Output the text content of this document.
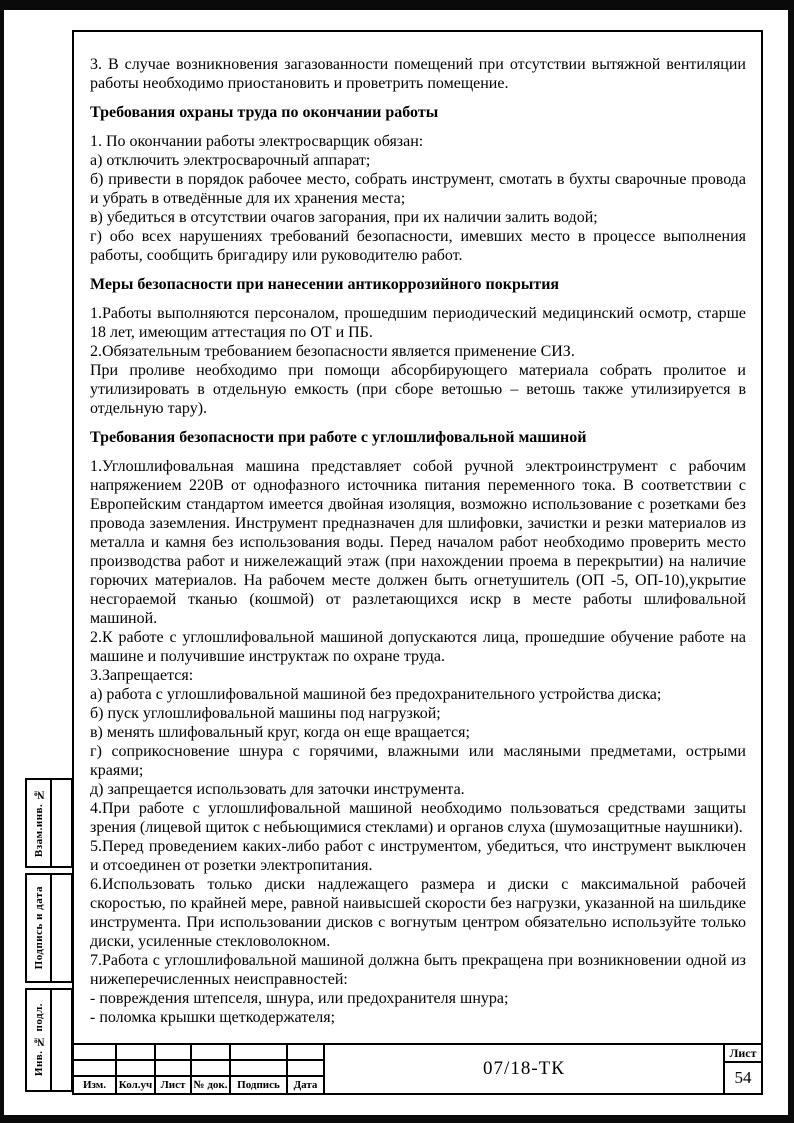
3. В случае возникновения загазованности помещений при отсутствии вытяжной вентиляции работы необходимо приостановить и проветрить помещение.

Требования охраны труда по окончании работы

1. По окончании работы электросварщик обязан:

а) отключить электросварочный аппарат;

б) привести в порядок рабочее место, собрать инструмент, смотать в бухты сварочные провода и убрать в отведённые для их хранения места;

в) убедиться в отсутствии очагов загорания, при их наличии залить водой;

г) обо всех нарушениях требований безопасности, имевших место в процессе выполнения работы, сообщить бригадиру или руководителю работ.

Меры безопасности при нанесении антикоррозийного покрытия

1.Работы выполняются персоналом, прошедшим периодический медицинский осмотр, старше 18 лет, имеющим аттестация по ОТ и ПБ.

2.Обязательным требованием безопасности является применение СИЗ.

При проливе необходимо при помощи абсорбирующего материала собрать пролитое и утилизировать в отдельную емкость (при сборе ветошью – ветошь также утилизируется в отдельную тару).

Требования безопасности при работе с углошлифовальной машиной

1.Углошлифовальная машина представляет собой ручной электроинструмент с рабочим напряжением 220В от однофазного источника питания переменного тока. В соответствии с Европейским стандартом имеется двойная изоляция, возможно использование с розетками без провода заземления. Инструмент предназначен для шлифовки, зачистки и резки материалов из металла и камня без использования воды. Перед началом работ необходимо проверить место производства работ и нижележащий этаж (при нахождении проема в перекрытии) на наличие горючих материалов. На рабочем месте должен быть огнетушитель (ОП -5, ОП-10),укрытие несгораемой тканью (кошмой) от разлетающихся искр в месте работы шлифовальной машиной.

2.К работе с углошлифовальной машиной допускаются лица, прошедшие обучение работе на машине и получившие инструктаж по охране труда.

3.Запрещается:

а) работа с углошлифовальной машиной без предохранительного устройства диска;

б) пуск углошлифовальной машины под нагрузкой;

в) менять шлифовальный круг, когда он еще вращается;

г) соприкосновение шнура с горячими, влажными или масляными предметами, острыми краями;

д) запрещается использовать для заточки инструмента.

4.При работе с углошлифовальной машиной необходимо пользоваться средствами защиты зрения (лицевой щиток с небьющимися стеклами) и органов слуха (шумозащитные наушники).

5.Перед проведением каких-либо работ с инструментом, убедиться, что инструмент выключен и отсоединен от розетки электропитания.

6.Использовать только диски надлежащего размера и диски с максимальной рабочей скоростью, по крайней мере, равной наивысшей скорости без нагрузки, указанной на шильдике инструмента. При использовании дисков с вогнутым центром обязательно используйте только диски, усиленные стекловолокном.

7.Работа с углошлифовальной машиной должна быть прекращена при возникновении одной из нижеперечисленных неисправностей:

- повреждения штепселя, шнура, или предохранителя шнура;

- поломка крышки щеткодержателя;

Взам.инв. №
Подпись и дата
Инв. № подл.
Изм.	Кол.уч Лист № док. Подпись	Дата
07/18-ТК
Лист
54
